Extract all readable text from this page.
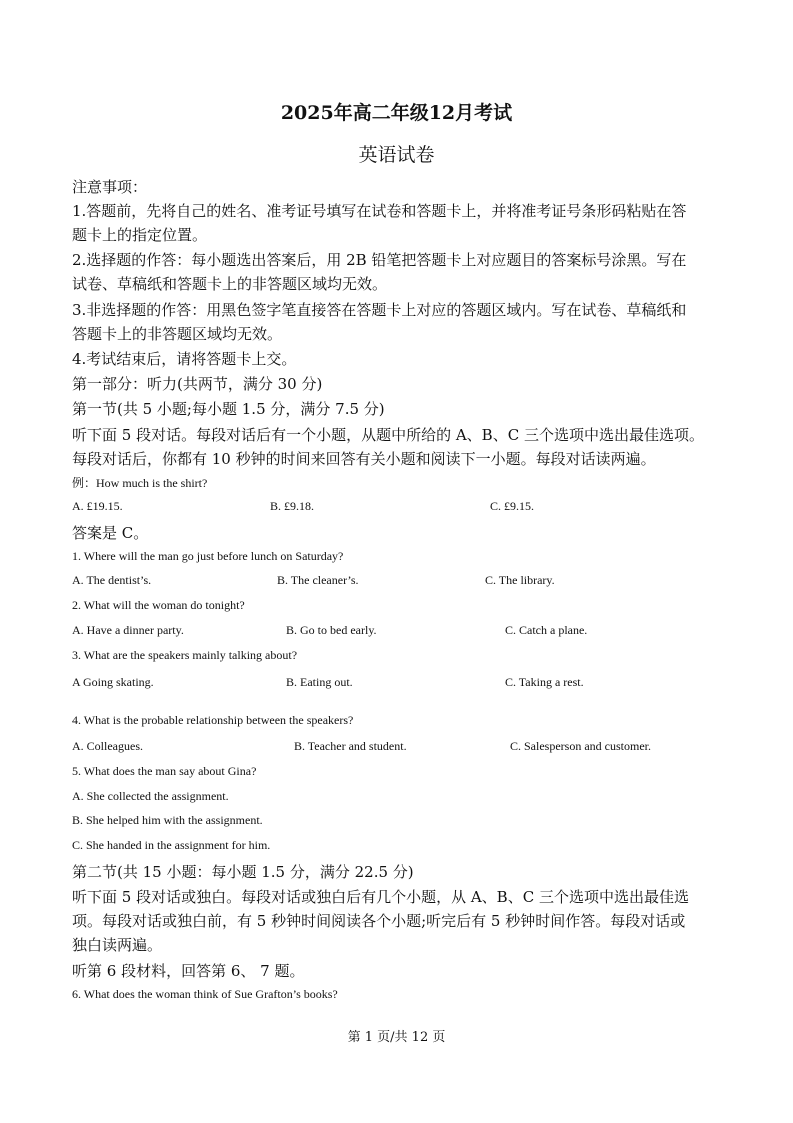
2025年高二年级12月考试
英语试卷
注意事项：
1.答题前，先将自己的姓名、准考证号填写在试卷和答题卡上，并将准考证号条形码粘贴在答
题卡上的指定位置。
2.选择题的作答：每小题选出答案后，用 2B 铅笔把答题卡上对应题目的答案标号涂黑。写在
试卷、草稿纸和答题卡上的非答题区域均无效。
3.非选择题的作答：用黑色签字笔直接答在答题卡上对应的答题区域内。写在试卷、草稿纸和
答题卡上的非答题区域均无效。
4.考试结束后，请将答题卡上交。
第一部分：听力(共两节，满分 30 分)
第一节(共 5 小题;每小题 1.5 分，满分 7.5 分)
听下面 5 段对话。每段对话后有一个小题，从题中所给的 A、B、C 三个选项中选出最佳选项。
每段对话后，你都有 10 秒钟的时间来回答有关小题和阅读下一小题。每段对话读两遍。
例：How much is the shirt?
A. £19.15.	B. £9.18.	C. £9.15.
答案是 C。
1. Where will the man go just before lunch on Saturday?
A. The dentist’s.	B. The cleaner’s.	C. The library.
2. What will the woman do tonight?
A. Have a dinner party.	B. Go to bed early.	C. Catch a plane.
3. What are the speakers mainly talking about?
A Going skating.	B. Eating out.	C. Taking a rest.
4. What is the probable relationship between the speakers?
A. Colleagues.	B. Teacher and student.	C. Salesperson and customer.
5. What does the man say about Gina?
A. She collected the assignment.
B. She helped him with the assignment.
C. She handed in the assignment for him.
第二节(共 15 小题：每小题 1.5 分，满分 22.5 分)
听下面 5 段对话或独白。每段对话或独白后有几个小题，从 A、B、C 三个选项中选出最佳选
项。每段对话或独白前，有 5 秒钟时间阅读各个小题;听完后有 5 秒钟时间作答。每段对话或
独白读两遍。
听第 6 段材料，回答第 6、 7 题。
6. What does the woman think of Sue Grafton’s books?
第 1 页/共 12 页
